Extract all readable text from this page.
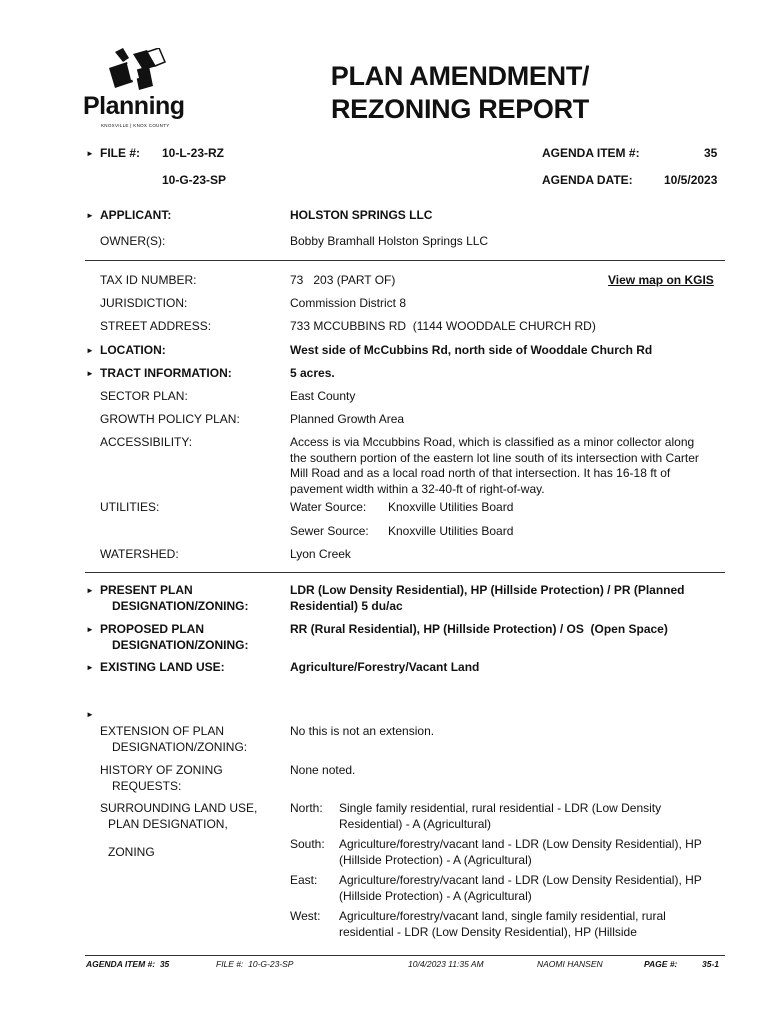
Planning
KNOXVILLE | KNOX COUNTY
PLAN AMENDMENT/
REZONING REPORT
► FILE #: 10-L-23-RZ
10-G-23-SP
AGENDA ITEM #:	35
AGENDA DATE:	10/5/2023
► APPLICANT:	HOLSTON SPRINGS LLC
OWNER(S):	Bobby Bramhall Holston Springs LLC
TAX ID NUMBER:	73   203 (PART OF)	View map on KGIS
JURISDICTION:	Commission District 8
STREET ADDRESS:	733 MCCUBBINS RD  (1144 WOODDALE CHURCH RD)
► LOCATION:	West side of McCubbins Rd, north side of Wooddale Church Rd
► TRACT INFORMATION:	5 acres.
SECTOR PLAN:	East County
GROWTH POLICY PLAN:	Planned Growth Area
ACCESSIBILITY:	Access is via Mccubbins Road, which is classified as a minor collector along
the southern portion of the eastern lot line south of its intersection with Carter
Mill Road and as a local road north of that intersection. It has 16-18 ft of
pavement width within a 32-40-ft of right-of-way.
UTILITIES:	Water Source: Knoxville Utilities Board
Sewer Source: Knoxville Utilities Board
WATERSHED:	Lyon Creek
► PRESENT PLAN
DESIGNATION/ZONING:
LDR (Low Density Residential), HP (Hillside Protection) / PR (Planned
Residential) 5 du/ac
► PROPOSED PLAN
DESIGNATION/ZONING:
RR (Rural Residential), HP (Hillside Protection) / OS  (Open Space)
► EXISTING LAND USE:	Agriculture/Forestry/Vacant Land
►
EXTENSION OF PLAN
DESIGNATION/ZONING:
No this is not an extension.
HISTORY OF ZONING
REQUESTS:
None noted.
SURROUNDING LAND USE,
PLAN DESIGNATION,
ZONING
North: Single family residential, rural residential - LDR (Low Density
Residential) - A (Agricultural)
South: Agriculture/forestry/vacant land - LDR (Low Density Residential), HP
(Hillside Protection) - A (Agricultural)
East: Agriculture/forestry/vacant land - LDR (Low Density Residential), HP
(Hillside Protection) - A (Agricultural)
West: Agriculture/forestry/vacant land, single family residential, rural
residential - LDR (Low Density Residential), HP (Hillside
AGENDA ITEM #:  35	FILE #:  10-G-23-SP	10/4/2023 11:35 AM	NAOMI HANSEN	PAGE #:	35-1
